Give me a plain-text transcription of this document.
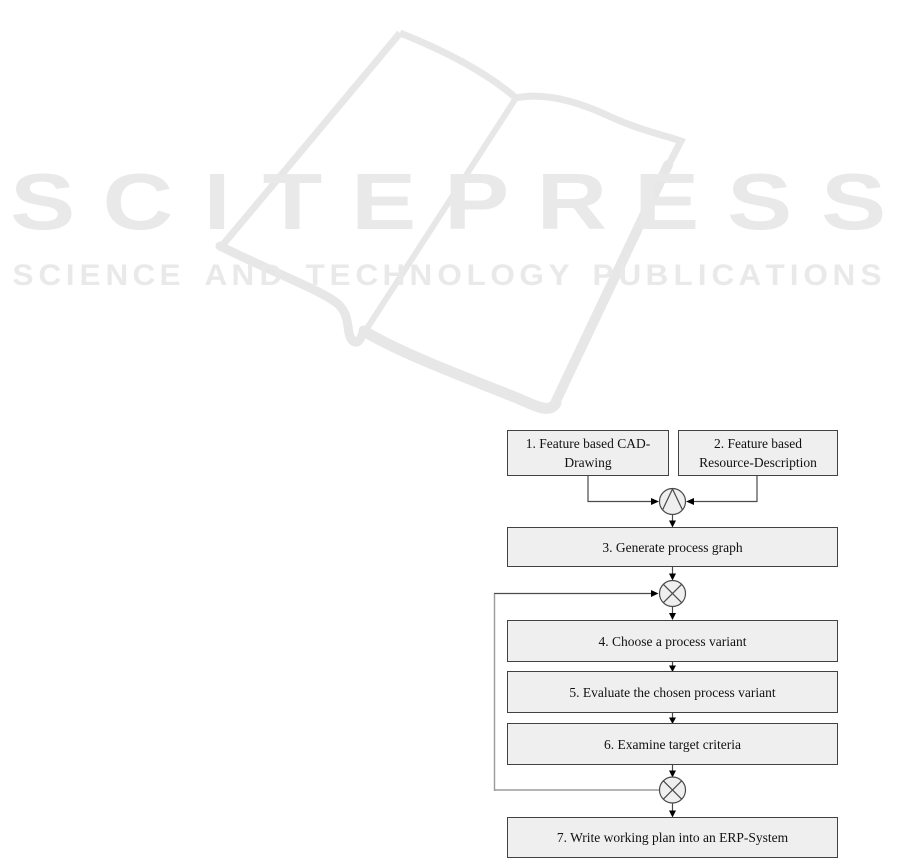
S C I T E P R E S S
S C I E N C E
A N D
T E C H N O L O G Y
P U B L I C A T I O N S
1. Feature based CAD-
Drawing
2. Feature based
Resource-Description
3. Generate process graph
4. Choose a process variant
5. Evaluate the chosen process variant
6. Examine target criteria
7. Write working plan into an ERP-System
